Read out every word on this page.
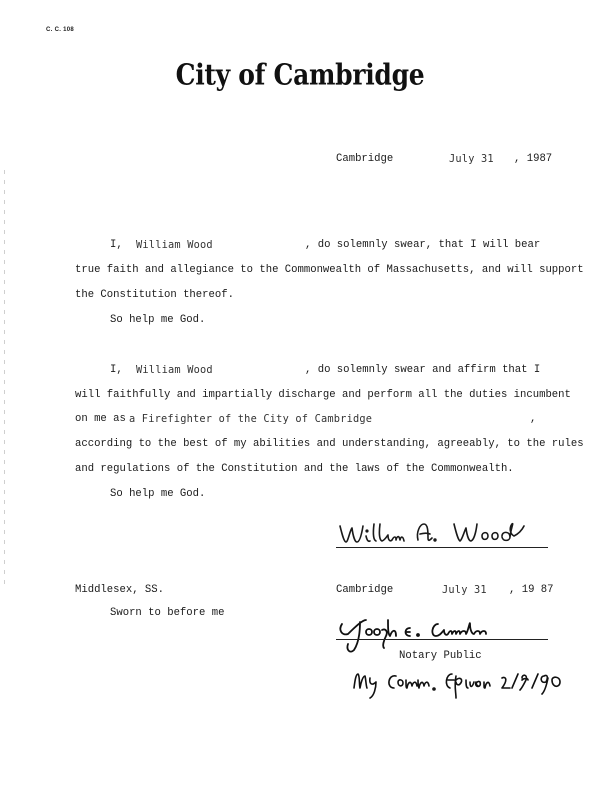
C. C. 108
City of Cambridge
Cambridge	July 31 , 1987
I, William Wood	, do solemnly swear, that I will bear
true faith and allegiance to the Commonwealth of Massachusetts, and will support
the Constitution thereof.
So help me God.
I, William Wood	, do solemnly swear and affirm that I
will faithfully and impartially discharge and perform all the duties incumbent
on me as a Firefighter of the City of Cambridge	,
according to the best of my abilities and understanding, agreeably, to the rules
and regulations of the Constitution and the laws of the Commonwealth.
So help me God.
Middlesex, SS.	Cambridge	July 31 , 19 87
Sworn to before me
Notary Public
